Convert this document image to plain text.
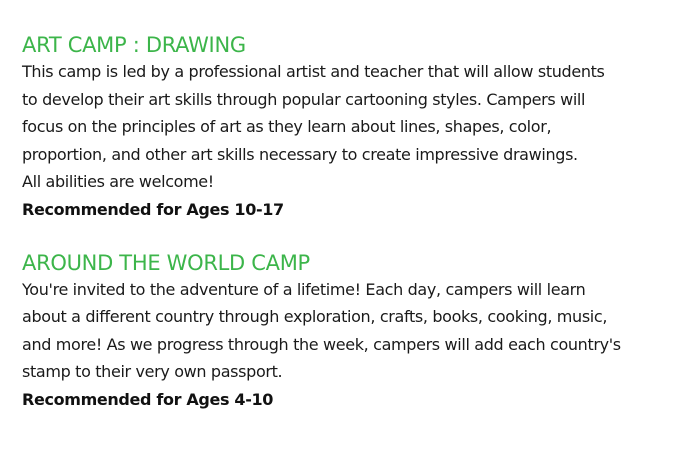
ART CAMP : DRAWING

This camp is led by a professional artist and teacher that will allow students
to develop their art skills through popular cartooning styles. Campers will
focus on the principles of art as they learn about lines, shapes, color,
proportion, and other art skills necessary to create impressive drawings.
All abilities are welcome!

Recommended for Ages 10-17

AROUND THE WORLD CAMP

You're invited to the adventure of a lifetime! Each day, campers will learn
about a different country through exploration, crafts, books, cooking, music,
and more! As we progress through the week, campers will add each country's
stamp to their very own passport.

Recommended for Ages 4-10
